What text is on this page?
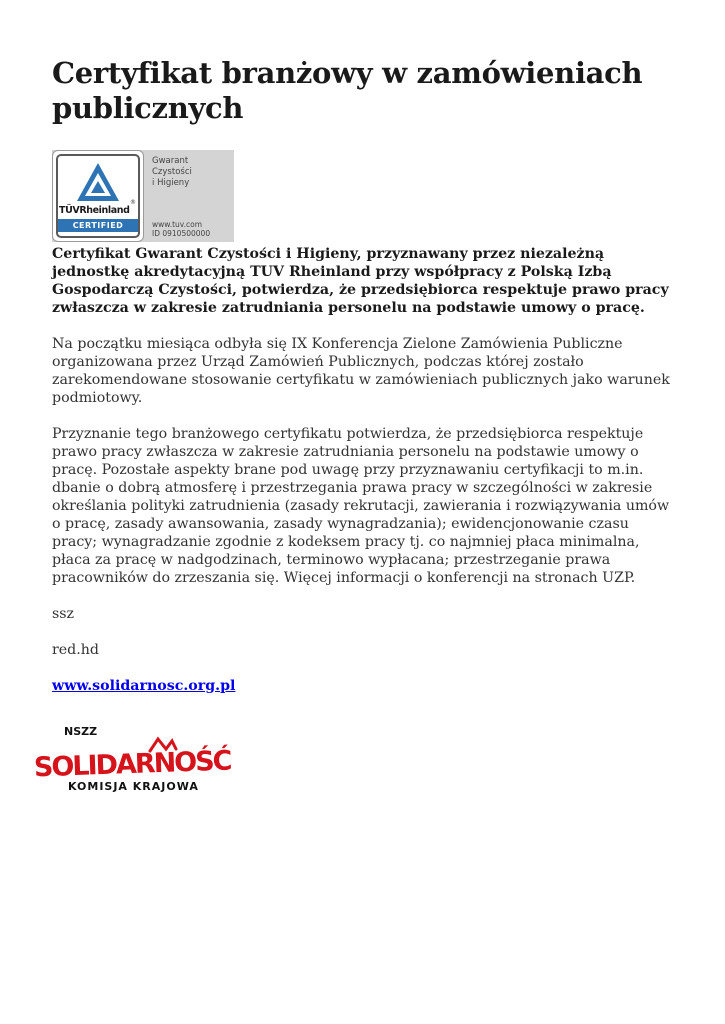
Certyfikat branżowy w zamówieniach publicznych
®
TÜVRheinland
CERTIFIED
Gwarant
Czystości
i Higieny
www.tuv.com
ID 0910500000

Certyfikat Gwarant Czystości i Higieny, przyznawany przez niezależną jednostkę akredytacyjną TUV Rheinland przy współpracy z Polską Izbą Gospodarczą Czystości, potwierdza, że przedsiębiorca respektuje prawo pracy zwłaszcza w zakresie zatrudniania personelu na podstawie umowy o pracę.

Na początku miesiąca odbyła się IX Konferencja Zielone Zamówienia Publiczne organizowana przez Urząd Zamówień Publicznych, podczas której zostało zarekomendowane stosowanie certyfikatu w zamówieniach publicznych jako warunek podmiotowy.

Przyznanie tego branżowego certyfikatu potwierdza, że przedsiębiorca respektuje prawo pracy zwłaszcza w zakresie zatrudniania personelu na podstawie umowy o pracę. Pozostałe aspekty brane pod uwagę przy przyznawaniu certyfikacji to m.in. dbanie o dobrą atmosferę i przestrzegania prawa pracy w szczególności w zakresie określania polityki zatrudnienia (zasady rekrutacji, zawierania i rozwiązywania umów o pracę, zasady awansowania, zasady wynagradzania); ewidencjonowanie czasu pracy; wynagradzanie zgodnie z kodeksem pracy tj. co najmniej płaca minimalna, płaca za pracę w nadgodzinach, terminowo wypłacana; przestrzeganie prawa pracowników do zrzeszania się. Więcej informacji o konferencji na stronach UZP.

ssz

red.hd

www.solidarnosc.org.pl

NSZZ
SOLIDARNOŚĆ
KOMISJA KRAJOWA
